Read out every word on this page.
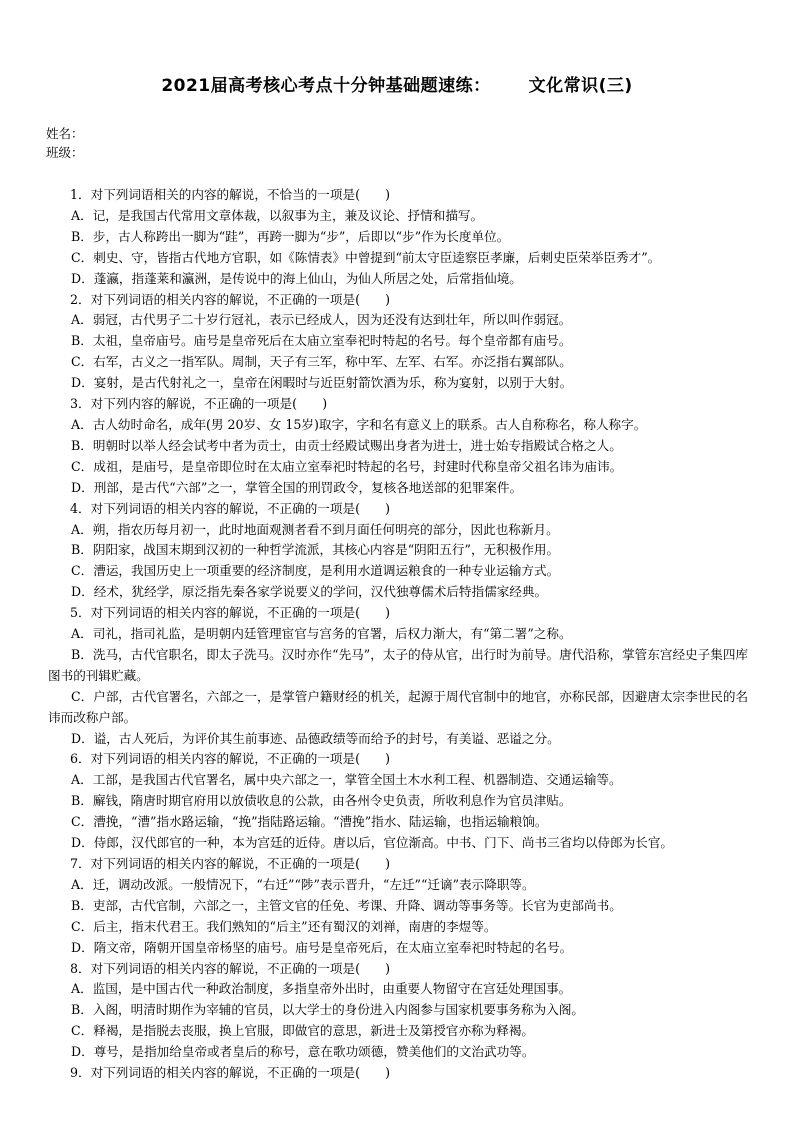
2021届高考核心考点十分钟基础题速练： 文化常识(三)
姓名：
班级：
1．对下列词语相关的内容的解说，不恰当的一项是(　　)
A．记，是我国古代常用文章体裁，以叙事为主，兼及议论、抒情和描写。
B．步，古人称跨出一脚为“跬”，再跨一脚为“步”，后即以“步”作为长度单位。
C．刺史、守，皆指古代地方官职，如《陈情表》中曾提到“前太守臣逵察臣孝廉，后刺史臣荣举臣秀才”。
D．蓬瀛，指蓬莱和瀛洲，是传说中的海上仙山，为仙人所居之处，后常指仙境。
2．对下列词语的相关内容的解说，不正确的一项是(　　)
A．弱冠，古代男子二十岁行冠礼，表示已经成人，因为还没有达到壮年，所以叫作弱冠。
B．太祖，皇帝庙号。庙号是皇帝死后在太庙立室奉祀时特起的名号。每个皇帝都有庙号。
C．右军，古义之一指军队。周制，天子有三军，称中军、左军、右军。亦泛指右翼部队。
D．宴射，是古代射礼之一，皇帝在闲暇时与近臣射箭饮酒为乐，称为宴射，以别于大射。
3．对下列内容的解说，不正确的一项是(　　)
A．古人幼时命名，成年(男 20岁、女 15岁)取字，字和名有意义上的联系。古人自称称名，称人称字。
B．明朝时以举人经会试考中者为贡士，由贡士经殿试赐出身者为进士，进士始专指殿试合格之人。
C．成祖，是庙号，是皇帝即位时在太庙立室奉祀时特起的名号，封建时代称皇帝父祖名讳为庙讳。
D．刑部，是古代“六部”之一，掌管全国的刑罚政令，复核各地送部的犯罪案件。
4．对下列词语的相关内容的解说，不正确的一项是(　　)
A．朔，指农历每月初一，此时地面观测者看不到月面任何明亮的部分，因此也称新月。
B．阴阳家，战国末期到汉初的一种哲学流派，其核心内容是“阴阳五行”，无积极作用。
C．漕运，我国历史上一项重要的经济制度，是利用水道调运粮食的一种专业运输方式。
D．经术，犹经学，原泛指先秦各家学说要义的学问，汉代独尊儒术后特指儒家经典。
5．对下列词语的相关内容的解说，不正确的一项是(　　)
A．司礼，指司礼监，是明朝内廷管理宦官与宫务的官署，后权力渐大，有“第二署”之称。
B．洗马，古代官职名，即太子洗马。汉时亦作“先马”，太子的侍从官，出行时为前导。唐代沿称，掌管东宫经史子集四库图书的刊辑贮藏。
C．户部，古代官署名，六部之一，是掌管户籍财经的机关，起源于周代官制中的地官，亦称民部，因避唐太宗李世民的名讳而改称户部。
D．谥，古人死后，为评价其生前事迹、品德政绩等而给予的封号，有美谥、恶谥之分。
6．对下列词语的相关内容的解说，不正确的一项是(　　)
A．工部，是我国古代官署名，属中央六部之一，掌管全国土木水利工程、机器制造、交通运输等。
B．廨钱，隋唐时期官府用以放债收息的公款，由各州令史负责，所收利息作为官员津贴。
C．漕挽，“漕”指水路运输，“挽”指陆路运输。“漕挽”指水、陆运输，也指运输粮饷。
D．侍郎，汉代郎官的一种，本为宫廷的近侍。唐以后，官位渐高。中书、门下、尚书三省均以侍郎为长官。
7．对下列词语的相关内容的解说，不正确的一项是(　　)
A．迁，调动改派。一般情况下，“右迁”“陟”表示晋升，“左迁”“迁谪”表示降职等。
B．吏部，古代官制，六部之一，主管文官的任免、考课、升降、调动等事务等。长官为吏部尚书。
C．后主，指末代君王。我们熟知的“后主”还有蜀汉的刘禅，南唐的李煜等。
D．隋文帝，隋朝开国皇帝杨坚的庙号。庙号是皇帝死后，在太庙立室奉祀时特起的名号。
8．对下列词语的相关内容的解说，不正确的一项是(　　)
A．监国，是中国古代一种政治制度，多指皇帝外出时，由重要人物留守在宫廷处理国事。
B．入阁，明清时期作为宰辅的官员，以大学士的身份进入内阁参与国家机要事务称为入阁。
C．释褐，是指脱去丧服，换上官服，即做官的意思，新进士及第授官亦称为释褐。
D．尊号，是指加给皇帝或者皇后的称号，意在歌功颂德，赞美他们的文治武功等。
9．对下列词语的相关内容的解说，不正确的一项是(　　)
